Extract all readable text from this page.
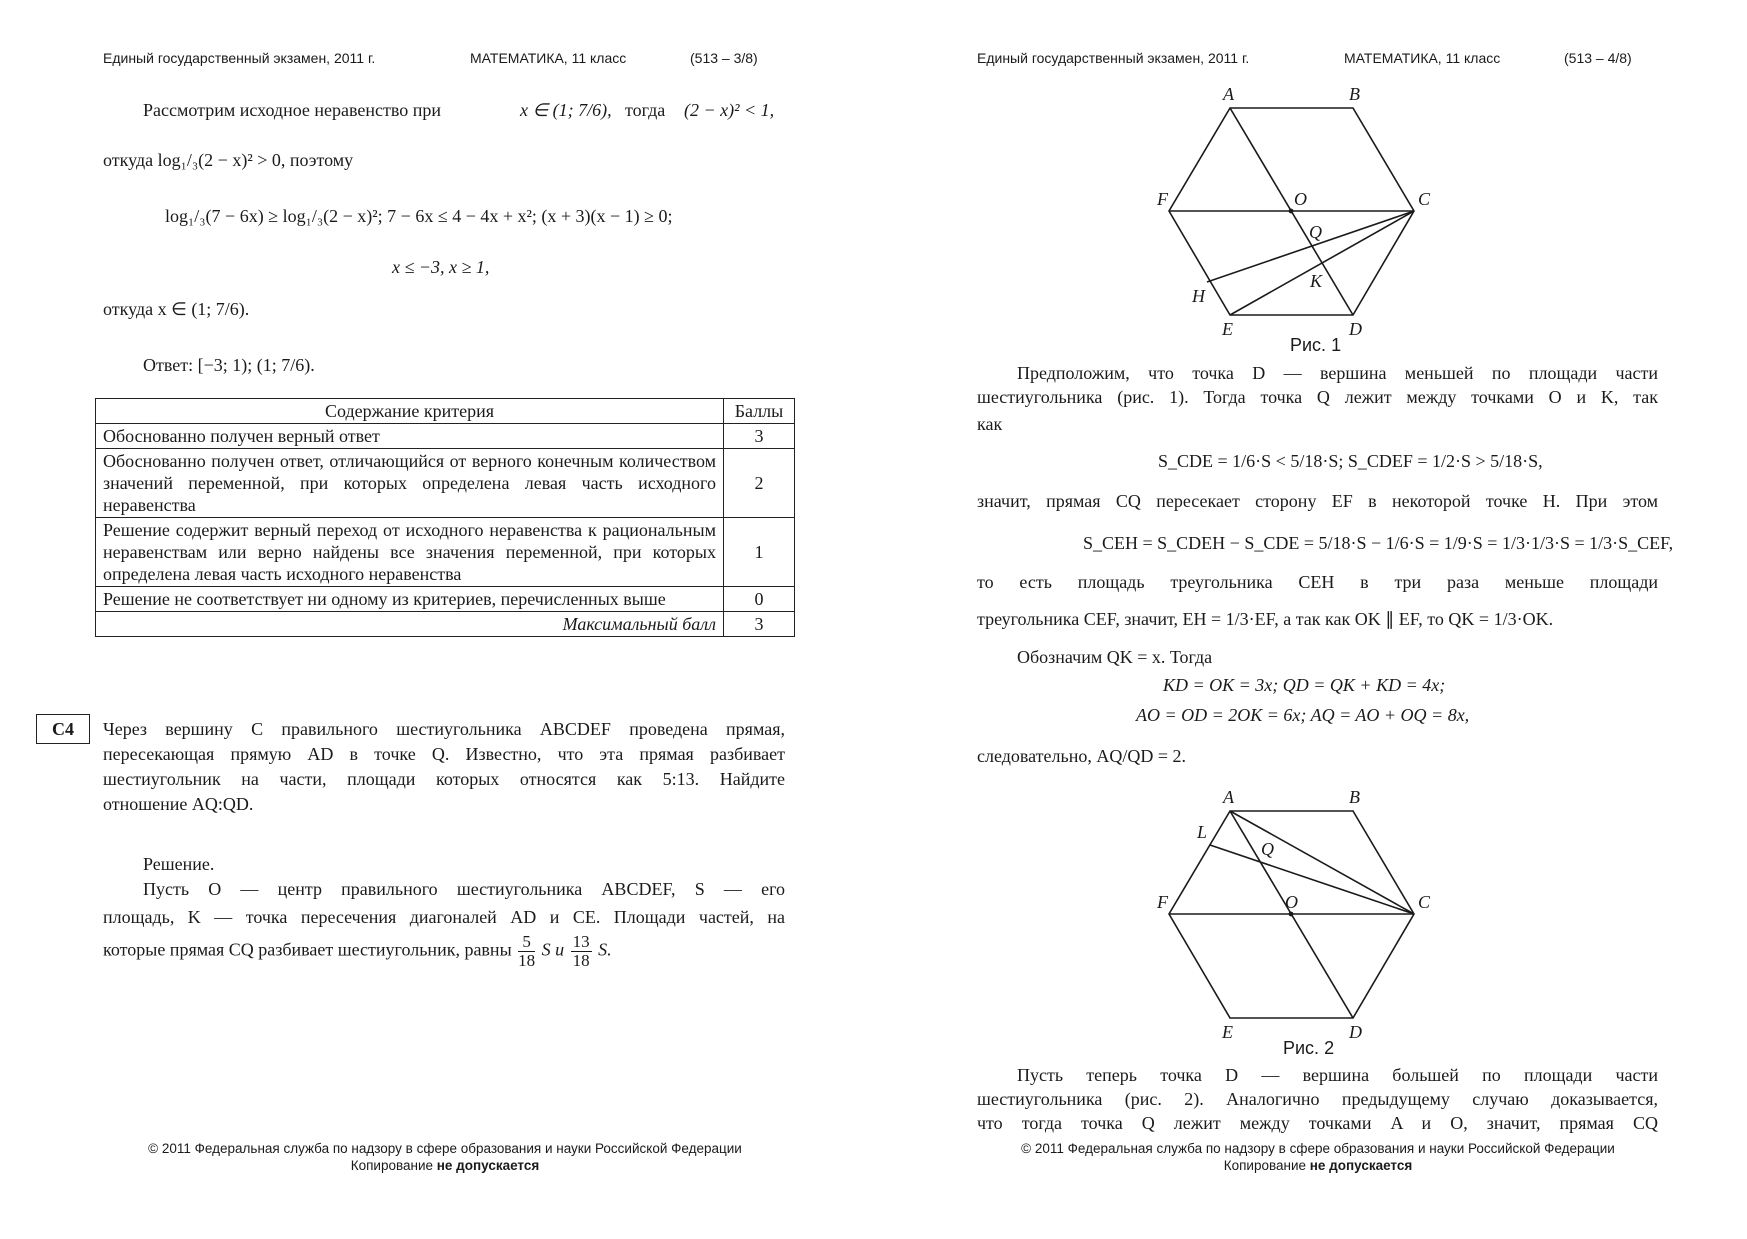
Единый государственный экзамен, 2011 г.	МАТЕМАТИКА, 11 класс	(513 – 3/8)
Рассмотрим исходное неравенство при	x ∈ (1; 7/6), тогда (2 − x)² < 1,
откуда log₁/₃(2 − x)² > 0, поэтому
log₁/₃(7 − 6x) ≥ log₁/₃(2 − x)²; 7 − 6x ≤ 4 − 4x + x²; (x + 3)(x − 1) ≥ 0;
x ≤ −3, x ≥ 1,
откуда x ∈ (1; 7/6).
Ответ: [−3; 1); (1; 7/6).
Содержание критерия	Баллы
Обоснованно получен верный ответ	3
Обоснованно получен ответ, отличающийся от верного конечным количеством значений переменной, при которых определена левая часть исходного неравенства	2
Решение содержит верный переход от исходного неравенства к рациональным неравенствам или верно найдены все значения переменной, при которых определена левая часть исходного неравенства	1
Решение не соответствует ни одному из критериев, перечисленных выше	0
Максимальный балл	3
C4	Через вершину C правильного шестиугольника ABCDEF проведена прямая,
пересекающая прямую AD в точке Q. Известно, что эта прямая разбивает
шестиугольник на части, площади которых относятся как 5:13. Найдите
отношение AQ:QD.
Решение.
Пусть O — центр правильного шестиугольника ABCDEF, S — его
площадь, K — точка пересечения диагоналей AD и CE. Площади частей, на
которые прямая CQ разбивает шестиугольник, равны $\frac{5}{18}$ S и $\frac{13}{18} S$.
© 2011 Федеральная служба по надзору в сфере образования и науки Российской Федерации
Копирование не допускается
Единый государственный экзамен, 2011 г.	МАТЕМАТИКА, 11 класс	(513 – 4/8)
A	B
C
D
E
F	O
Q
K
H
Рис. 1
Предположим, что точка D — вершина меньшей по площади части
шестиугольника (рис. 1). Тогда точка Q лежит между точками O и K, так
как
S_CDE = 1/6·S < 5/18·S; S_CDEF = 1/2·S > 5/18·S,
значит, прямая CQ пересекает сторону EF в некоторой точке H. При этом
S_CEH = S_CDEH − S_CDE = 5/18·S − 1/6·S = 1/9·S = 1/3·1/3·S = 1/3·S_CEF,
то есть площадь треугольника CEH в три раза меньше площади
треугольника CEF, значит, EH = 1/3·EF, а так как OK ∥ EF, то QK = 1/3·OK.
Обозначим QK = x. Тогда
KD = OK = 3x; QD = QK + KD = 4x;
AO = OD = 2OK = 6x; AQ = AO + OQ = 8x,
следовательно, AQ/QD = 2.
A	B
C
D
E
F	O
Q
L
Рис. 2
Пусть теперь точка D — вершина большей по площади части
шестиугольника (рис. 2). Аналогично предыдущему случаю доказывается,
что тогда точка Q лежит между точками A и O, значит, прямая CQ
© 2011 Федеральная служба по надзору в сфере образования и науки Российской Федерации
Копирование не допускается
